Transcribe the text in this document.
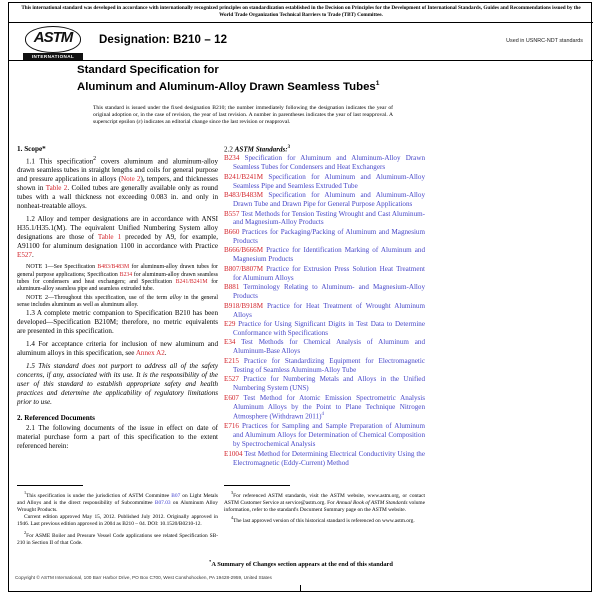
This international standard was developed in accordance with internationally recognized principles on standardization established in the Decision on Principles for the Development of International Standards, Guides and Recommendations issued by the World Trade Organization Technical Barriers to Trade (TBT) Committee.
ASTM
INTERNATIONAL
Designation: B210 – 12	Used in USNRC-NDT standards
Standard Specification for
Aluminum and Aluminum-Alloy Drawn Seamless Tubes$^1$
This standard is issued under the fixed designation B210; the number immediately following the designation indicates the year of original adoption or, in the case of revision, the year of last revision. A number in parentheses indicates the year of last reapproval. A superscript epsilon (ε) indicates an editorial change since the last revision or reapproval.
1. Scope*

1.1 This specification$^2$ covers aluminum and aluminum-alloy drawn seamless tubes in straight lengths and coils for general purpose and pressure applications in alloys (Note 2), tempers, and thicknesses shown in Table 2. Coiled tubes are generally available only as round tubes with a wall thickness not exceeding 0.083 in. and only in nonheat-treatable alloys.

1.2 Alloy and temper designations are in accordance with ANSI H35.1/H35.1(M). The equivalent Unified Numbering System alloy designations are those of Table 1 preceded by A9, for example, A91100 for aluminum designation 1100 in accordance with Practice E527.

NOTE 1—See Specification B483/B483M for aluminum-alloy drawn tubes for general purpose applications; Specification B234 for aluminum-alloy drawn seamless tubes for condensers and heat exchangers; and Specification B241/B241M for aluminum-alloy seamless pipe and seamless extruded tube.

NOTE 2—Throughout this specification, use of the term alloy in the general sense includes aluminum as well as aluminum alloy.

1.3 A complete metric companion to Specification B210 has been developed—Specification B210M; therefore, no metric equivalents are presented in this specification.

1.4 For acceptance criteria for inclusion of new aluminum and aluminum alloys in this specification, see Annex A2.

1.5 This standard does not purport to address all of the safety concerns, if any, associated with its use. It is the responsibility of the user of this standard to establish appropriate safety and health practices and determine the applicability of regulatory limitations prior to use.

2. Referenced Documents

2.1 The following documents of the issue in effect on date of material purchase form a part of this specification to the extent referenced herein:

2.2 ASTM Standards:$^3$
B234 Specification for Aluminum and Aluminum-Alloy Drawn Seamless Tubes for Condensers and Heat Exchangers
B241/B241M Specification for Aluminum and Aluminum-Alloy Seamless Pipe and Seamless Extruded Tube
B483/B483M Specification for Aluminum and Aluminum-Alloy Drawn Tube and Drawn Pipe for General Purpose Applications
B557 Test Methods for Tension Testing Wrought and Cast Aluminum- and Magnesium-Alloy Products
B660 Practices for Packaging/Packing of Aluminum and Magnesium Products
B666/B666M Practice for Identification Marking of Aluminum and Magnesium Products
B807/B807M Practice for Extrusion Press Solution Heat Treatment for Aluminum Alloys
B881 Terminology Relating to Aluminum- and Magnesium-Alloy Products
B918/B918M Practice for Heat Treatment of Wrought Aluminum Alloys
E29 Practice for Using Significant Digits in Test Data to Determine Conformance with Specifications
E34 Test Methods for Chemical Analysis of Aluminum and Aluminum-Base Alloys
E215 Practice for Standardizing Equipment for Electromagnetic Testing of Seamless Aluminum-Alloy Tube
E527 Practice for Numbering Metals and Alloys in the Unified Numbering System (UNS)
E607 Test Method for Atomic Emission Spectrometric Analysis Aluminum Alloys by the Point to Plane Technique Nitrogen Atmosphere (Withdrawn 2011)$^4$
E716 Practices for Sampling and Sample Preparation of Aluminum and Aluminum Alloys for Determination of Chemical Composition by Spectrochemical Analysis
E1004 Test Method for Determining Electrical Conductivity Using the Electromagnetic (Eddy-Current) Method

$^1$This specification is under the jurisdiction of ASTM Committee B07 on Light Metals and Alloys and is the direct responsibility of Subcommittee B07.03 on Aluminum Alloy Wrought Products.

Current edition approved May 15, 2012. Published July 2012. Originally approved in 1946. Last previous edition approved in 2004 as B210 – 04. DOI: 10.1520/B0210-12.

$^2$For ASME Boiler and Pressure Vessel Code applications see related Specification SB-210 in Section II of that Code.

$^3$For referenced ASTM standards, visit the ASTM website, www.astm.org, or contact ASTM Customer Service at service@astm.org. For Annual Book of ASTM Standards volume information, refer to the standard's Document Summary page on the ASTM website.

$^4$The last approved version of this historical standard is referenced on www.astm.org.

*A Summary of Changes section appears at the end of this standard
Copyright © ASTM International, 100 Barr Harbor Drive, PO Box C700, West Conshohocken, PA 19428-2959, United States
